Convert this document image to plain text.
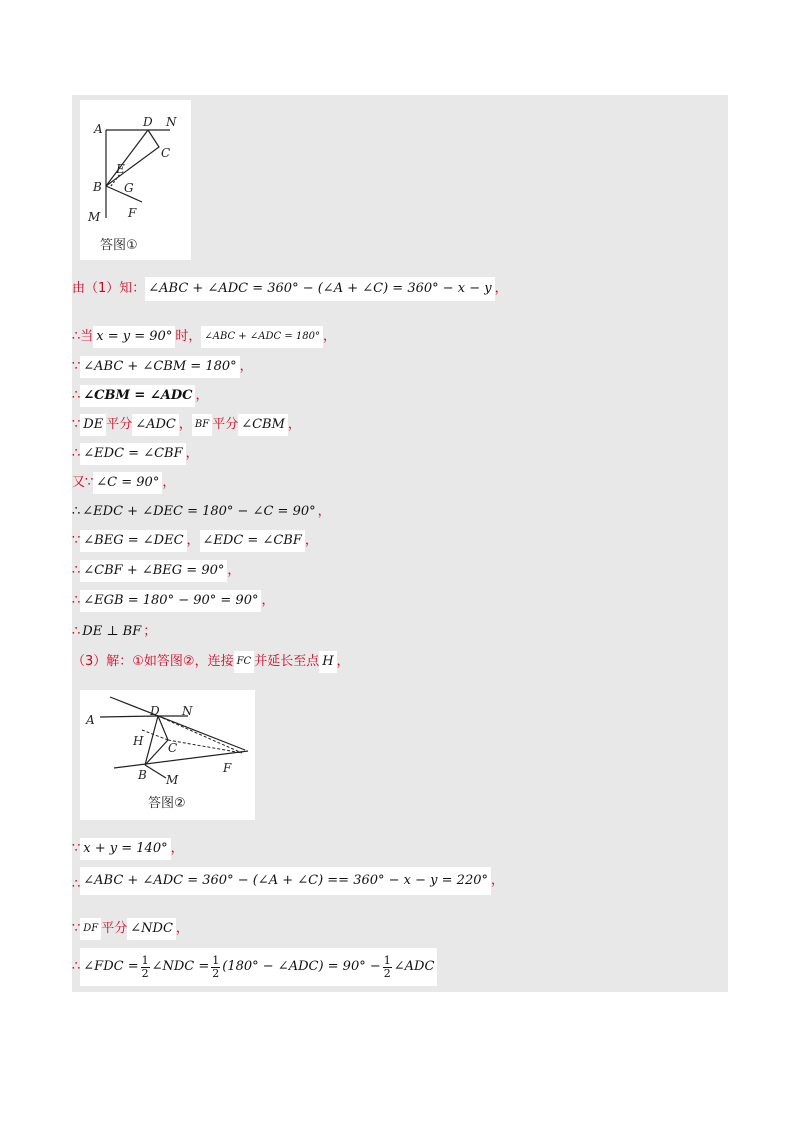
A	D N
C
E
B G
M F
答图①
由（1）知： ∠ABC + ∠ADC = 360° − (∠A + ∠C) = 360° − x − y ，
∴当 x = y = 90° 时， ∠ABC + ∠ADC = 180° ，
∵ ∠ABC + ∠CBM = 180° ，
∴ ∠CBM = ∠ADC ，
∵ DE 平分 ∠ADC ， BF 平分 ∠CBM ，
∴ ∠EDC = ∠CBF ，
又∵ ∠C = 90° ，
∴ ∠EDC + ∠DEC = 180° − ∠C = 90° ，
∵ ∠BEG = ∠DEC ， ∠EDC = ∠CBF ，
∴ ∠CBF + ∠BEG = 90° ，
∴ ∠EGB = 180° − 90° = 90° ，
∴ DE ⊥ BF ；
（3）解：①如答图②，连接 FC 并延长至点 H ，
A
D N
H C
F
B M
答图②
∵ x + y = 140° ，
∴ ∠ABC + ∠ADC = 360° − (∠A + ∠C) == 360° − x − y = 220° ，
∵ DF 平分 ∠NDC ，
∴ ∠FDC = $\frac{1}{2}$ ∠NDC = $\frac{1}{2} (180^\circ$ − ∠ADC) = $90^\circ - \frac{1}{2}$ ∠ADC
